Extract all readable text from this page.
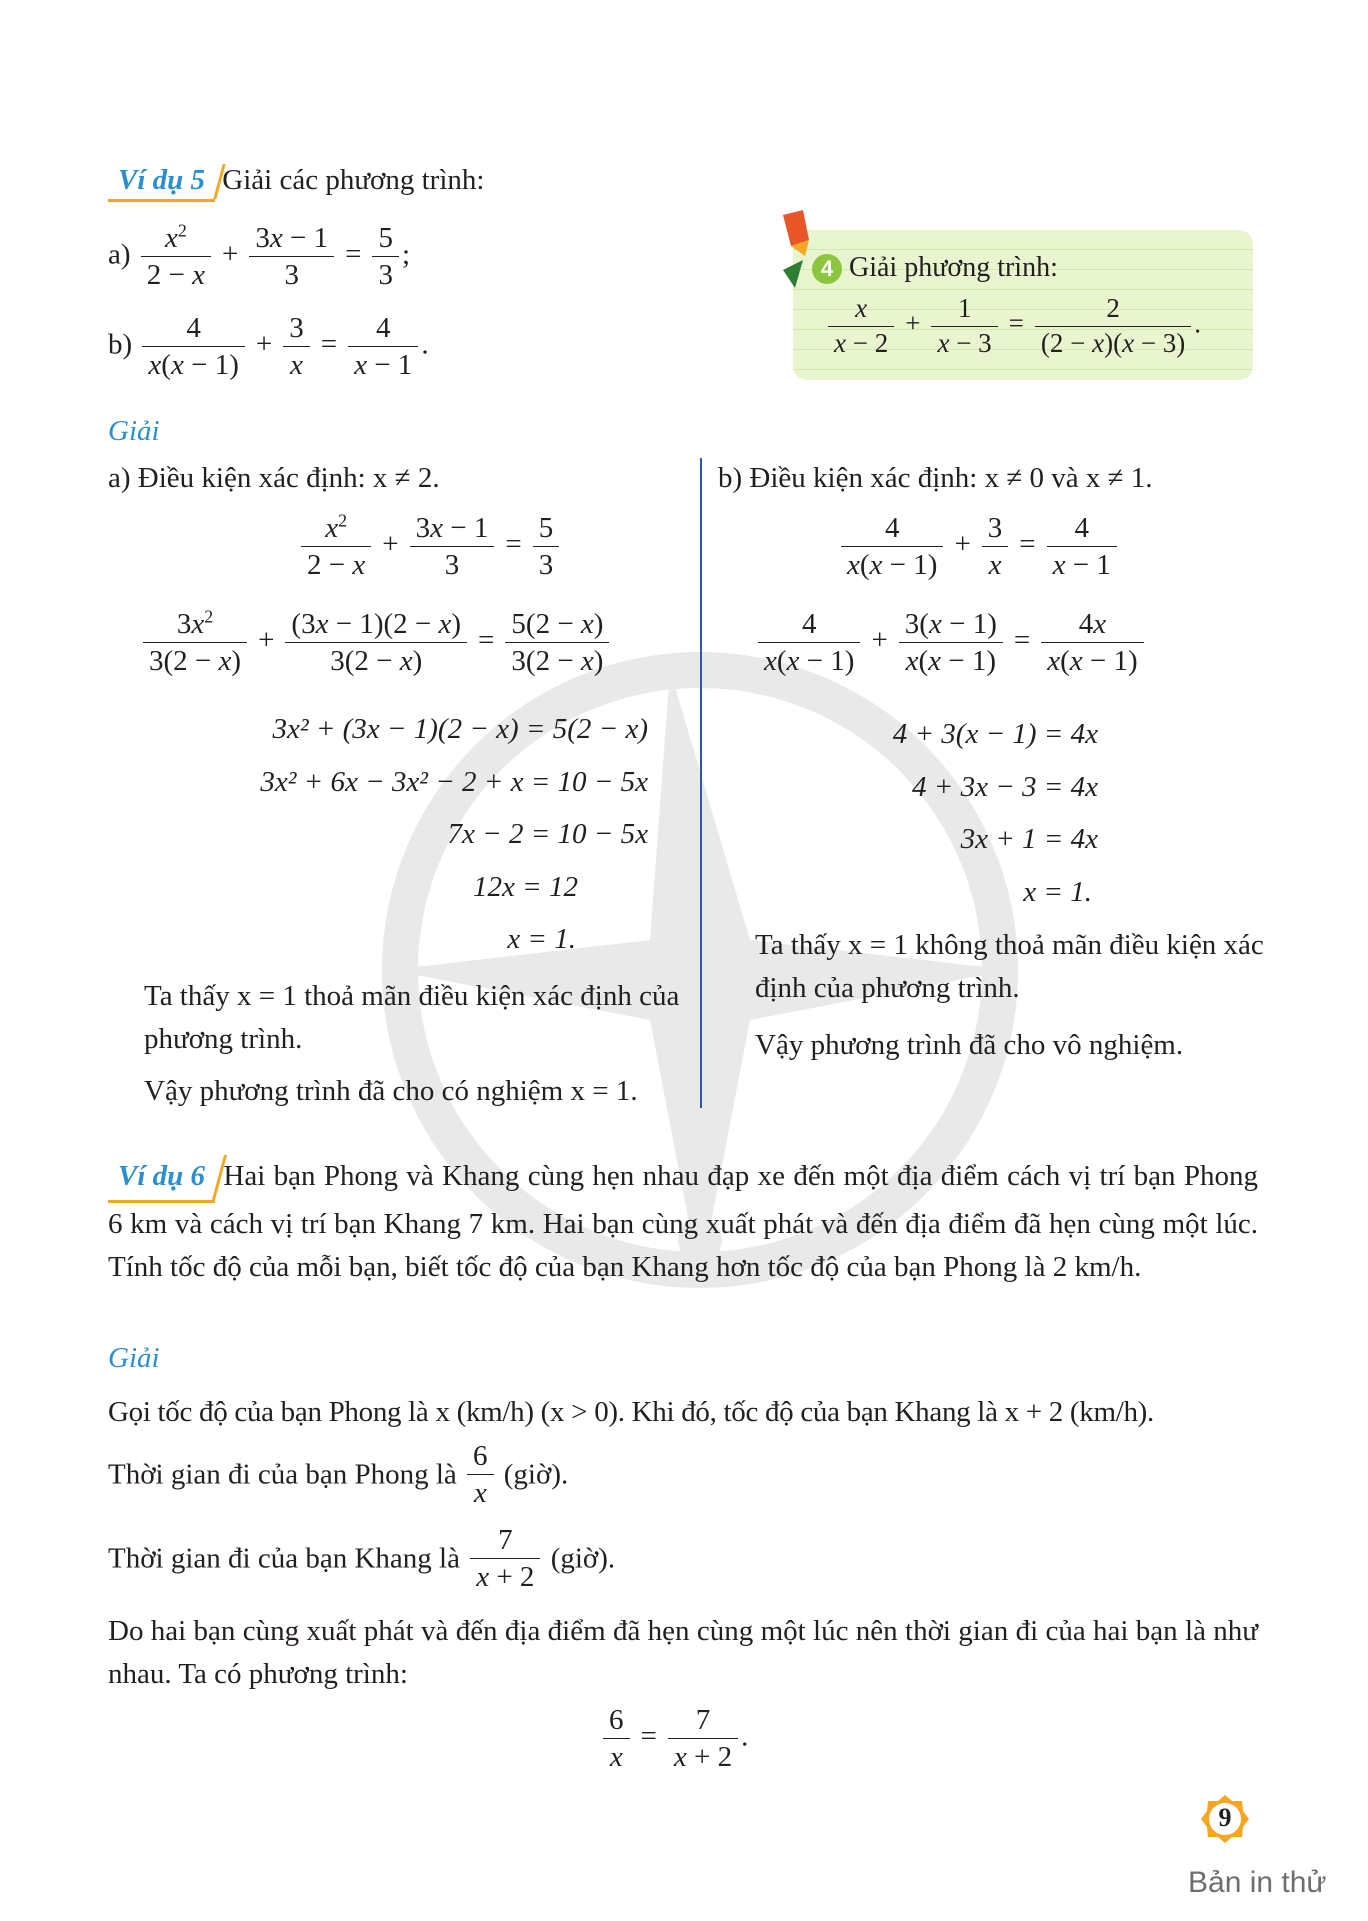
Ví dụ 5 Giải các phương trình:
$a) \frac{x^2}{2 - x} + \frac{3x - 1}{3} = \frac{5}{3}$ ;
$b) \frac{4}{x(x - 1)} + \frac{3}{x} = \frac{4}{x - 1}$ .
4 Giải phương trình:
$\frac{x}{x - 2} + \frac{1}{x - 3} = \frac{2}{(2 - x)(x - 3)}$ .
Giải
a) Điều kiện xác định: x ≠ 2.
$\frac{x^2}{2 - x} + \frac{3x - 1}{3} = \frac{5}{3}$
$\frac{3x^2}{3(2 - x)} + \frac{(3x - 1)(2 - x)}{3(2 - x)} = \frac{5(2 - x)}{3(2 - x)}$
3x² + (3x − 1)(2 − x) = 5(2 − x)
3x² + 6x − 3x² − 2 + x = 10 − 5x
7x − 2 = 10 − 5x
12x = 12
x = 1.
Ta thấy x = 1 thoả mãn điều kiện xác định của phương trình.
Vậy phương trình đã cho có nghiệm x = 1.
b) Điều kiện xác định: x ≠ 0 và x ≠ 1.
$\frac{4}{x(x - 1)} + \frac{3}{x} = \frac{4}{x - 1}$
$\frac{4}{x(x - 1)} + \frac{3(x - 1)}{x(x - 1)} = \frac{4x}{x(x - 1)}$
4 + 3(x − 1) = 4x
4 + 3x − 3 = 4x
3x + 1 = 4x
x = 1.
Ta thấy x = 1 không thoả mãn điều kiện xác định của phương trình.
Vậy phương trình đã cho vô nghiệm.
Ví dụ 6 Hai bạn Phong và Khang cùng hẹn nhau đạp xe đến một địa điểm cách vị trí bạn Phong 6 km và cách vị trí bạn Khang 7 km. Hai bạn cùng xuất phát và đến địa điểm đã hẹn cùng một lúc. Tính tốc độ của mỗi bạn, biết tốc độ của bạn Khang hơn tốc độ của bạn Phong là 2 km/h.
Giải
Gọi tốc độ của bạn Phong là x (km/h) (x > 0). Khi đó, tốc độ của bạn Khang là x + 2 (km/h).
Thời gian đi của bạn Phong là $\frac{6}{x}$ (giờ).
Thời gian đi của bạn Khang là $\frac{7}{x + 2}$ (giờ).
Do hai bạn cùng xuất phát và đến địa điểm đã hẹn cùng một lúc nên thời gian đi của hai bạn là như nhau. Ta có phương trình:
$\frac{6}{x} = \frac{7}{x + 2}$ .
9
Bản in thử
